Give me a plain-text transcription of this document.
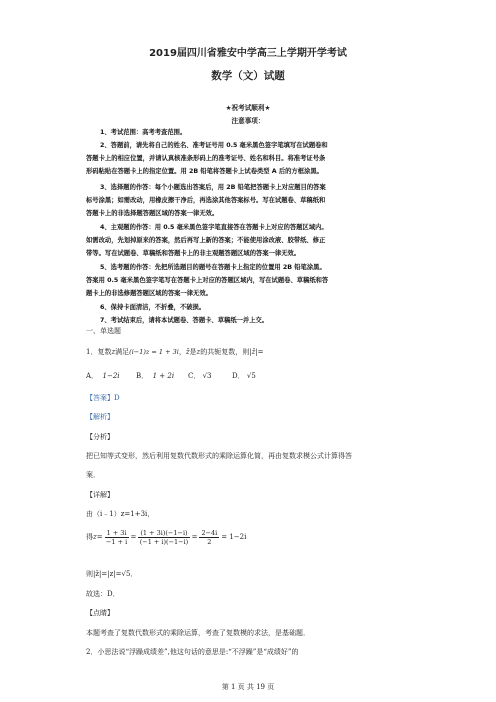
2019届四川省雅安中学高三上学期开学考试
数学（文）试题
★祝考试顺利★
注意事项：
1、考试范围：高考考查范围。
2、答题前，请先将自己的姓名、准考证号用 0.5 毫米黑色签字笔填写在试题卷和
答题卡上的相应位置，并请认真核准条形码上的准考证号、姓名和科目。将准考证号条
形码粘贴在答题卡上的指定位置。用 2B 铅笔将答题卡上试卷类型 A 后的方框涂黑。
3、选择题的作答：每个小题选出答案后，用 2B 铅笔把答题卡上对应题目的答案
标号涂黑；如需改动，用橡皮擦干净后，再选涂其他答案标号。写在试题卷、草稿纸和
答题卡上的非选择题答题区域的答案一律无效。
4、主观题的作答：用 0.5 毫米黑色签字笔直接答在答题卡上对应的答题区域内。
如需改动，先划掉原来的答案，然后再写上新的答案；不能使用涂改液、胶带纸、修正
带等。写在试题卷、草稿纸和答题卡上的非主观题答题区域的答案一律无效。
5、选考题的作答：先把所选题目的题号在答题卡上指定的位置用 2B 铅笔涂黑。
答案用 0.5 毫米黑色签字笔写在答题卡上对应的答题区域内，写在试题卷、草稿纸和答
题卡上的非选修题答题区域的答案一律无效。
6、保持卡面清洁，不折叠，不破损。
7、考试结束后，请将本试题卷、答题卡、草稿纸一并上交。
一、单选题
1．复数z满足(i−1)z = 1 + 3i，z̄是z的共轭复数，则|z̄|=
A． 1−2i B． 1 + 2i C． √3	D． √5
【答案】D
【解析】
【分析】
把已知等式变形，然后利用复数代数形式的乘除运算化简，再由复数求模公式计算得答
案．
【详解】
由（i﹣1）z=1+3i，
得$z= \frac{1 + 3i}{-1 + i} = \frac{(1 + 3i)(-1-i)}{(-1 + i)(-1-i)} = \frac{2-4i}{2} = 1-2i$
则|z̄|=|z|=√5．
故选：D．
【点睛】
本题考查了复数代数形式的乘除运算，考查了复数模的求法，是基础题．
2．小思法说“浮躁成绩差”,他这句话的意思是:“不浮躁”是“成绩好”的
第 1 页 共 19 页
